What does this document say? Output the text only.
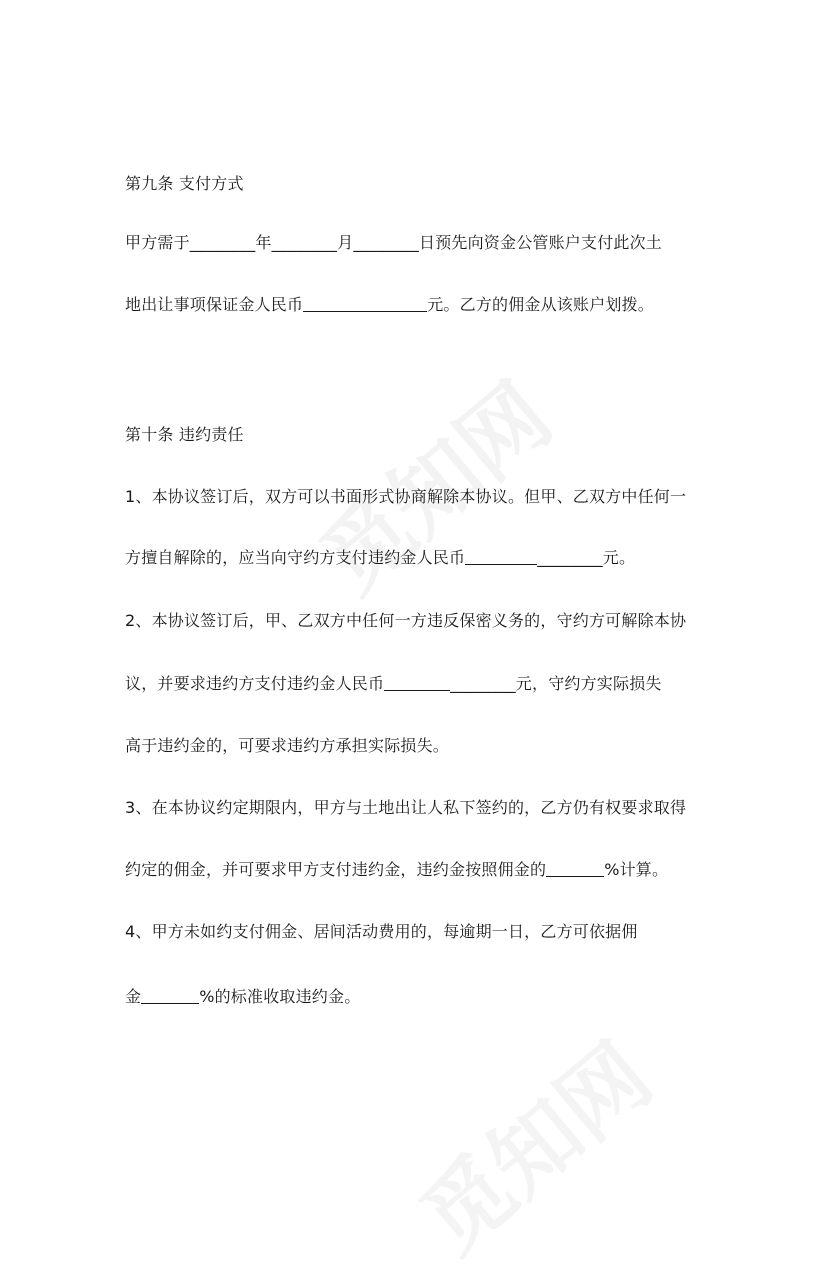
第九条 支付方式
甲方需于________年________月________日预先向资金公管账户支付此次土
地出让事项保证金人民币	元。乙方的佣金从该账户划拨。
第十条 违约责任
1、本协议签订后，双方可以书面形式协商解除本协议。但甲、乙双方中任何一
方擅自解除的，应当向守约方支付违约金人民币	________元。
2、本协议签订后，甲、乙双方中任何一方违反保密义务的，守约方可解除本协
议，并要求违约方支付违约金人民币	________元，守约方实际损失
高于违约金的，可要求违约方承担实际损失。
3、在本协议约定期限内，甲方与土地出让人私下签约的，乙方仍有权要求取得
约定的佣金，并可要求甲方支付违约金，违约金按照佣金的	%计算。
4、甲方未如约支付佣金、居间活动费用的，每逾期一日，乙方可依据佣
金	%的标准收取违约金。
